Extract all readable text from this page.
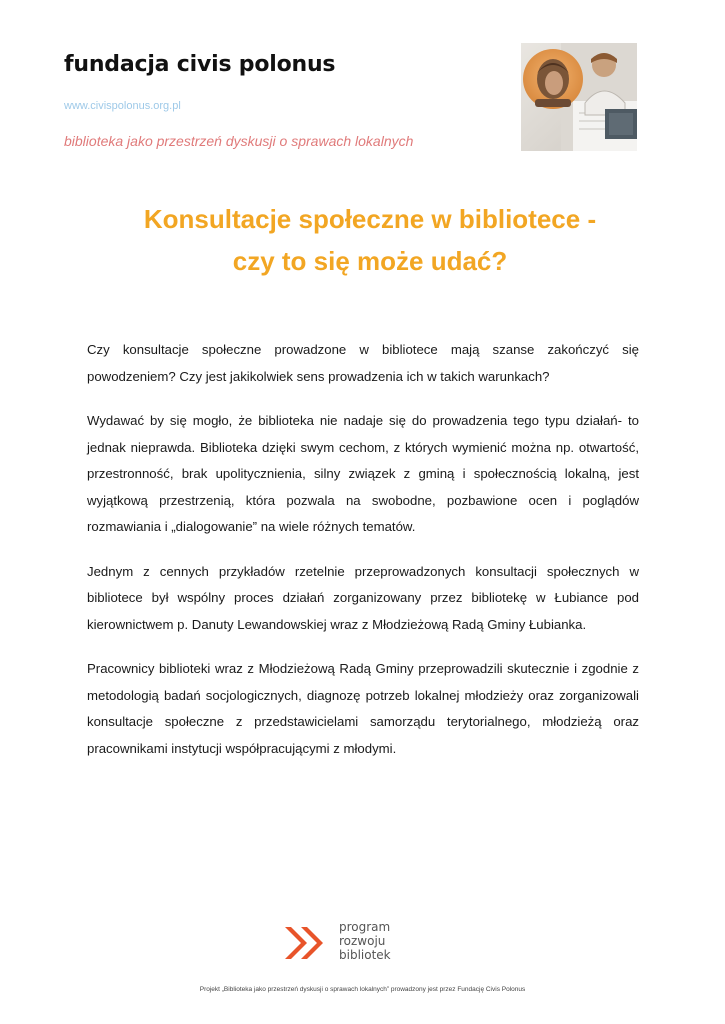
fundacja civis polonus
www.civispolonus.org.pl
biblioteka jako przestrzeń dyskusji o sprawach lokalnych
Konsultacje społeczne w bibliotece -
czy to się może udać?

Czy konsultacje społeczne prowadzone w bibliotece mają szanse zakończyć się powodzeniem? Czy jest jakikolwiek sens prowadzenia ich w takich warunkach?

Wydawać by się mogło, że biblioteka nie nadaje się do prowadzenia tego typu działań- to jednak nieprawda. Biblioteka dzięki swym cechom, z których wymienić można np. otwartość, przestronność, brak upolitycznienia, silny związek z gminą i społecznością lokalną, jest wyjątkową przestrzenią, która pozwala na swobodne, pozbawione ocen i poglądów rozmawiania i „dialogowanie” na wiele różnych tematów.

Jednym z cennych przykładów rzetelnie przeprowadzonych konsultacji społecznych w bibliotece był wspólny proces działań zorganizowany przez bibliotekę w Łubiance pod kierownictwem p. Danuty Lewandowskiej wraz z Młodzieżową Radą Gminy Łubianka.

Pracownicy biblioteki wraz z Młodzieżową Radą Gminy przeprowadzili skutecznie i zgodnie z metodologią badań socjologicznych, diagnozę potrzeb lokalnej młodzieży oraz zorganizowali konsultacje społeczne z przedstawicielami samorządu terytorialnego, młodzieżą oraz pracownikami instytucji współpracującymi z młodymi.

program
rozwoju
bibliotek
Projekt „Biblioteka jako przestrzeń dyskusji o sprawach lokalnych” prowadzony jest przez Fundację Civis Polonus
